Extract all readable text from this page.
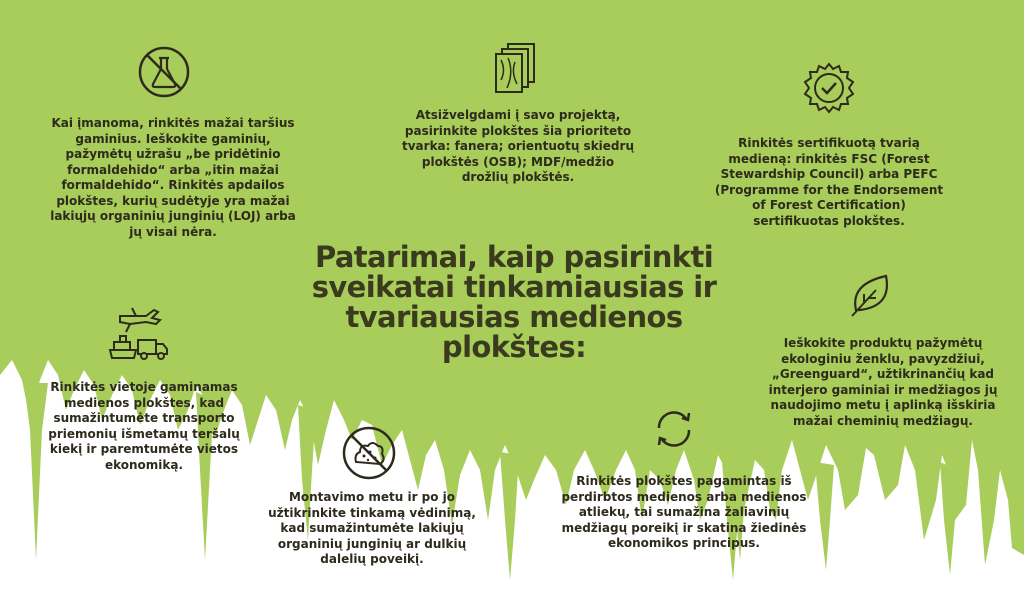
Patarimai, kaip pasirinkti
sveikatai tinkamiausias ir
tvariausias medienos
plokštes:
Kai įmanoma, rinkitės mažai taršius
gaminius. Ieškokite gaminių,
pažymėtų užrašu „be pridėtinio
formaldehido“ arba „itin mažai
formaldehido“. Rinkitės apdailos
plokštes, kurių sudėtyje yra mažai
lakiųjų organinių junginių (LOJ) arba
jų visai nėra.
Atsižvelgdami į savo projektą,
pasirinkite plokštes šia prioriteto
tvarka: fanera; orientuotų skiedrų
plokštės (OSB); MDF/medžio
drožlių plokštės.
Rinkitės sertifikuotą tvarią
medieną: rinkitės FSC (Forest
Stewardship Council) arba PEFC
(Programme for the Endorsement
of Forest Certification)
sertifikuotas plokštes.
Rinkitės vietoje gaminamas
medienos plokštes, kad
sumažintumėte transporto
priemonių išmetamų teršalų
kiekį ir paremtumėte vietos
ekonomiką.
Ieškokite produktų pažymėtų
ekologiniu ženklu, pavyzdžiui,
„Greenguard“, užtikrinančių kad
interjero gaminiai ir medžiagos jų
naudojimo metu į aplinką išskiria
mažai cheminių medžiagų.
Montavimo metu ir po jo
užtikrinkite tinkamą vėdinimą,
kad sumažintumėte lakiųjų
organinių junginių ar dulkių
dalelių poveikį.
Rinkitės plokštes pagamintas iš
perdirbtos medienos arba medienos
atliekų, tai sumažina žaliavinių
medžiagų poreikį ir skatina žiedinės
ekonomikos principus.
